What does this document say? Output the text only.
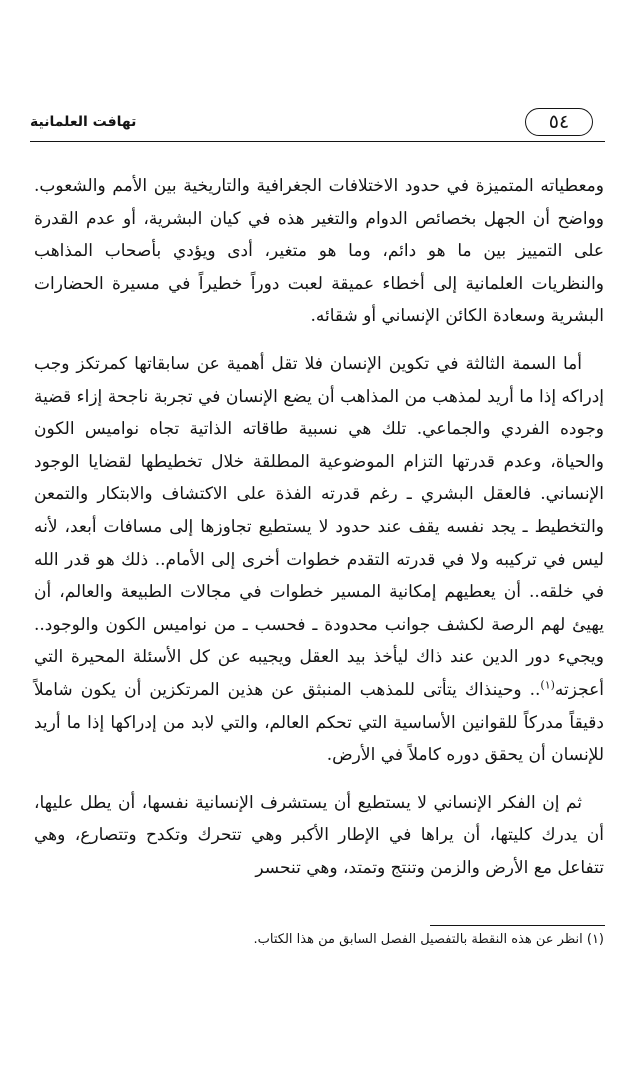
تهافت العلمانية	٥٤

ومعطياته المتميزة في حدود الاختلافات الجغرافية والتاريخية بين الأمم والشعوب. وواضح أن الجهل بخصائص الدوام والتغير هذه في كيان البشرية، أو عدم القدرة على التمييز بين ما هو دائم، وما هو متغير، أدى ويؤدي بأصحاب المذاهب والنظريات العلمانية إلى أخطاء عميقة لعبت دوراً خطيراً في مسيرة الحضارات البشرية وسعادة الكائن الإنساني أو شقائه.

أما السمة الثالثة في تكوين الإنسان فلا تقل أهمية عن سابقاتها كمرتكز وجب إدراكه إذا ما أريد لمذهب من المذاهب أن يضع الإنسان في تجربة ناجحة إزاء قضية وجوده الفردي والجماعي. تلك هي نسبية طاقاته الذاتية تجاه نواميس الكون والحياة، وعدم قدرتها التزام الموضوعية المطلقة خلال تخطيطها لقضايا الوجود الإنساني. فالعقل البشري ـ رغم قدرته الفذة على الاكتشاف والابتكار والتمعن والتخطيط ـ يجد نفسه يقف عند حدود لا يستطيع تجاوزها إلى مسافات أبعد، لأنه ليس في تركيبه ولا في قدرته التقدم خطوات أخرى إلى الأمام.. ذلك هو قدر الله في خلقه.. أن يعطيهم إمكانية المسير خطوات في مجالات الطبيعة والعالم، أن يهيئ لهم الرصة لكشف جوانب محدودة ـ فحسب ـ من نواميس الكون والوجود.. ويجيء دور الدين عند ذاك ليأخذ بيد العقل ويجيبه عن كل الأسئلة المحيرة التي أعجزته$^{(١)}$.. وحينذاك يتأتى للمذهب المنبثق عن هذين المرتكزين أن يكون شاملاً دقيقاً مدركاً للقوانين الأساسية التي تحكم العالم، والتي لابد من إدراكها إذا ما أريد للإنسان أن يحقق دوره كاملاً في الأرض.

ثم إن الفكر الإنساني لا يستطيع أن يستشرف الإنسانية نفسها، أن يطل عليها، أن يدرك كليتها، أن يراها في الإطار الأكبر وهي تتحرك وتكدح وتتصارع، وهي تتفاعل مع الأرض والزمن وتنتج وتمتد، وهي تنحسر

(١) انظر عن هذه النقطة بالتفصيل الفصل السابق من هذا الكتاب.
